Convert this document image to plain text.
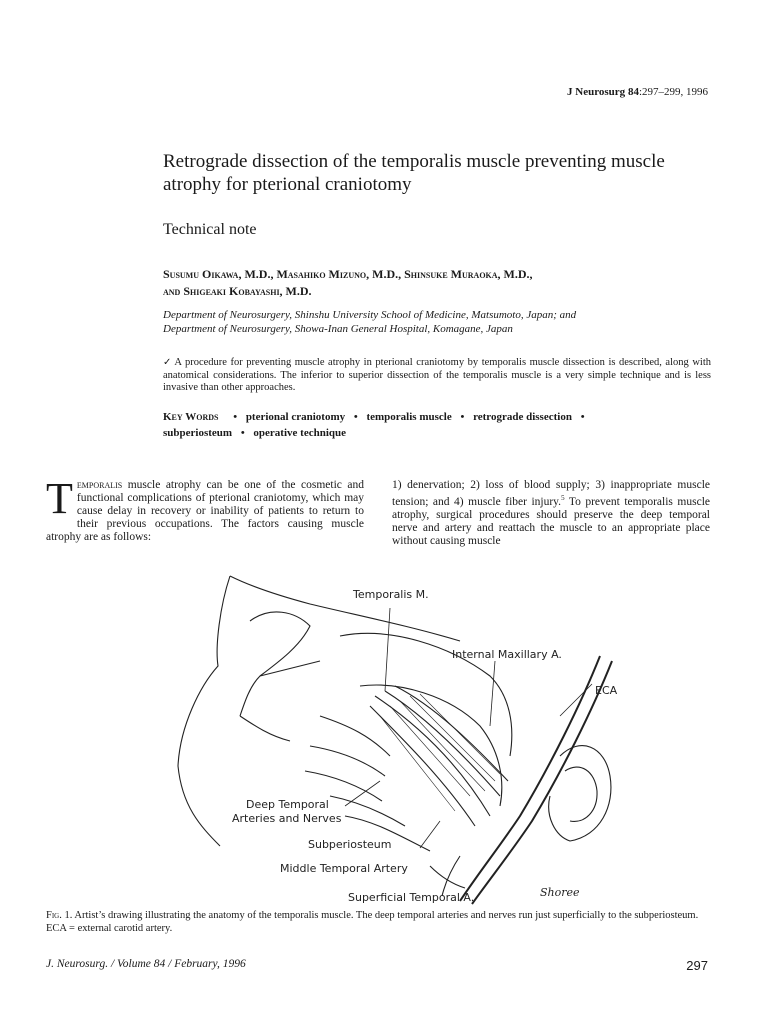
J Neurosurg 84:297–299, 1996
Retrograde dissection of the temporalis muscle preventing muscle atrophy for pterional craniotomy
Technical note
Susumu Oikawa, M.D., Masahiko Mizuno, M.D., Shinsuke Muraoka, M.D.,
and Shigeaki Kobayashi, M.D.
Department of Neurosurgery, Shinshu University School of Medicine, Matsumoto, Japan; and
Department of Neurosurgery, Showa-Inan General Hospital, Komagane, Japan
✓ A procedure for preventing muscle atrophy in pterional craniotomy by temporalis muscle dissection is described, along with anatomical considerations. The inferior to superior dissection of the temporalis muscle is a very simple technique and is less invasive than other approaches.
Key Words • pterional craniotomy • temporalis muscle • retrograde dissection •
subperiosteum • operative technique
Temporalis muscle atrophy can be one of the cosmetic and functional complications of pterional craniotomy, which may cause delay in recovery or inability of patients to return to their previous occupations. The factors causing muscle atrophy are as follows:
1) denervation; 2) loss of blood supply; 3) inappropriate muscle tension; and 4) muscle fiber injury.$^5$ To prevent temporalis muscle atrophy, surgical procedures should preserve the deep temporal nerve and artery and reattach the muscle to an appropriate place without causing muscle
Temporalis M.
Internal Maxillary A.
ECA
Deep Temporal
Arteries and Nerves
Subperiosteum
Middle Temporal Artery
Superficial Temporal A.	Shoree
Fig. 1. Artist’s drawing illustrating the anatomy of the temporalis muscle. The deep temporal arteries and nerves run just superficially to the subperiosteum. ECA = external carotid artery.
J. Neurosurg. / Volume 84 / February, 1996	297
